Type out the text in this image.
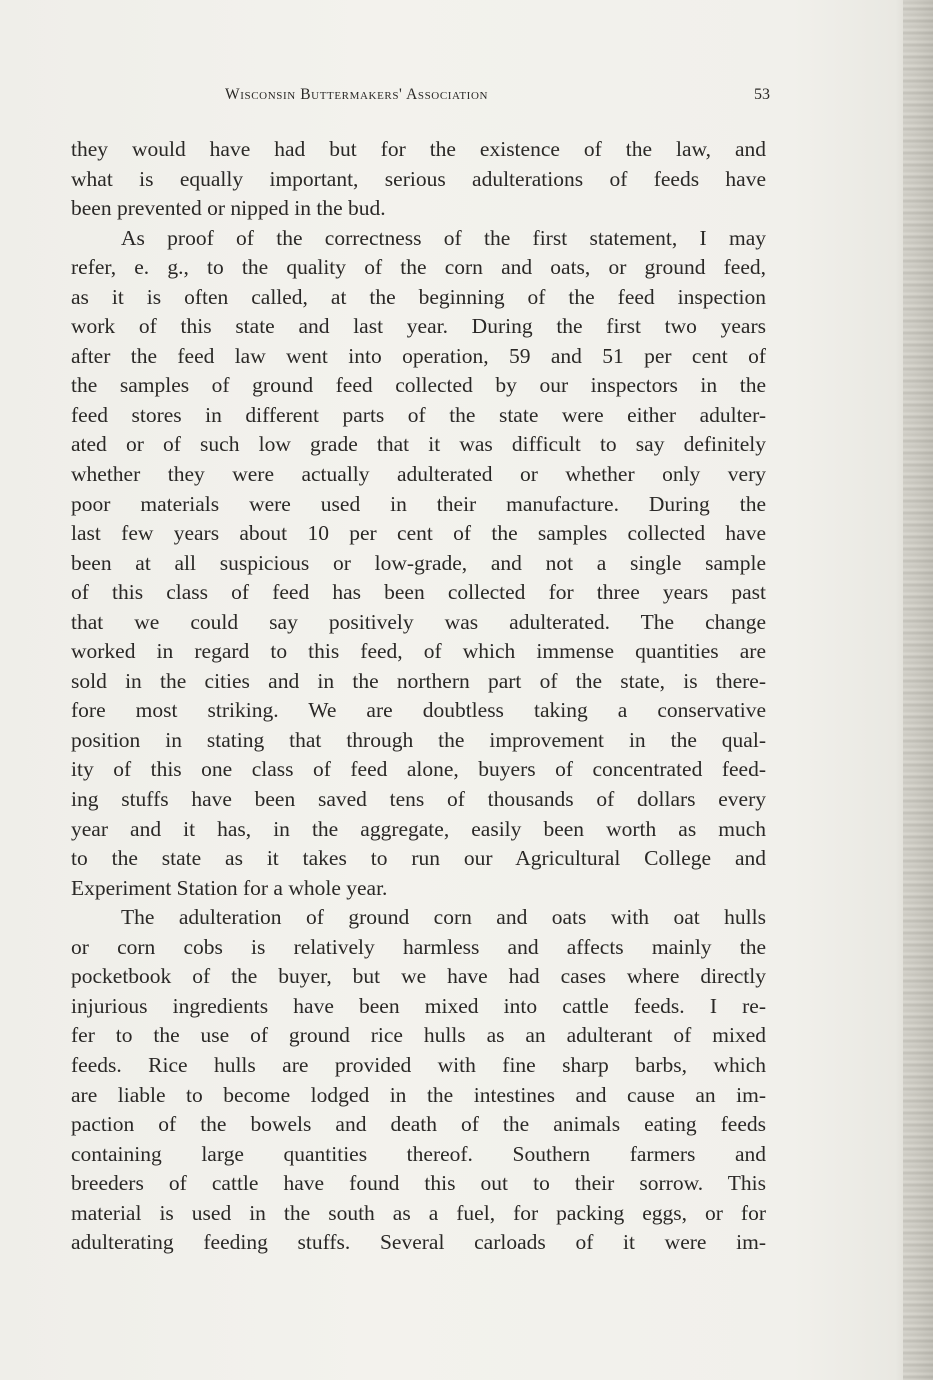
Wisconsin Buttermakers' Association	53
they would have had but for the existence of the law, and
what is equally important, serious adulterations of feeds have
been prevented or nipped in the bud.
As proof of the correctness of the first statement, I may
refer, e. g., to the quality of the corn and oats, or ground feed,
as it is often called, at the beginning of the feed inspection
work of this state and last year. During the first two years
after the feed law went into operation, 59 and 51 per cent of
the samples of ground feed collected by our inspectors in the
feed stores in different parts of the state were either adulter-
ated or of such low grade that it was difficult to say definitely
whether they were actually adulterated or whether only very
poor materials were used in their manufacture. During the
last few years about 10 per cent of the samples collected have
been at all suspicious or low-grade, and not a single sample
of this class of feed has been collected for three years past
that we could say positively was adulterated. The change
worked in regard to this feed, of which immense quantities are
sold in the cities and in the northern part of the state, is there-
fore most striking. We are doubtless taking a conservative
position in stating that through the improvement in the qual-
ity of this one class of feed alone, buyers of concentrated feed-
ing stuffs have been saved tens of thousands of dollars every
year and it has, in the aggregate, easily been worth as much
to the state as it takes to run our Agricultural College and
Experiment Station for a whole year.
The adulteration of ground corn and oats with oat hulls
or corn cobs is relatively harmless and affects mainly the
pocketbook of the buyer, but we have had cases where directly
injurious ingredients have been mixed into cattle feeds. I re-
fer to the use of ground rice hulls as an adulterant of mixed
feeds. Rice hulls are provided with fine sharp barbs, which
are liable to become lodged in the intestines and cause an im-
paction of the bowels and death of the animals eating feeds
containing large quantities thereof. Southern farmers and
breeders of cattle have found this out to their sorrow. This
material is used in the south as a fuel, for packing eggs, or for
adulterating feeding stuffs. Several carloads of it were im-
